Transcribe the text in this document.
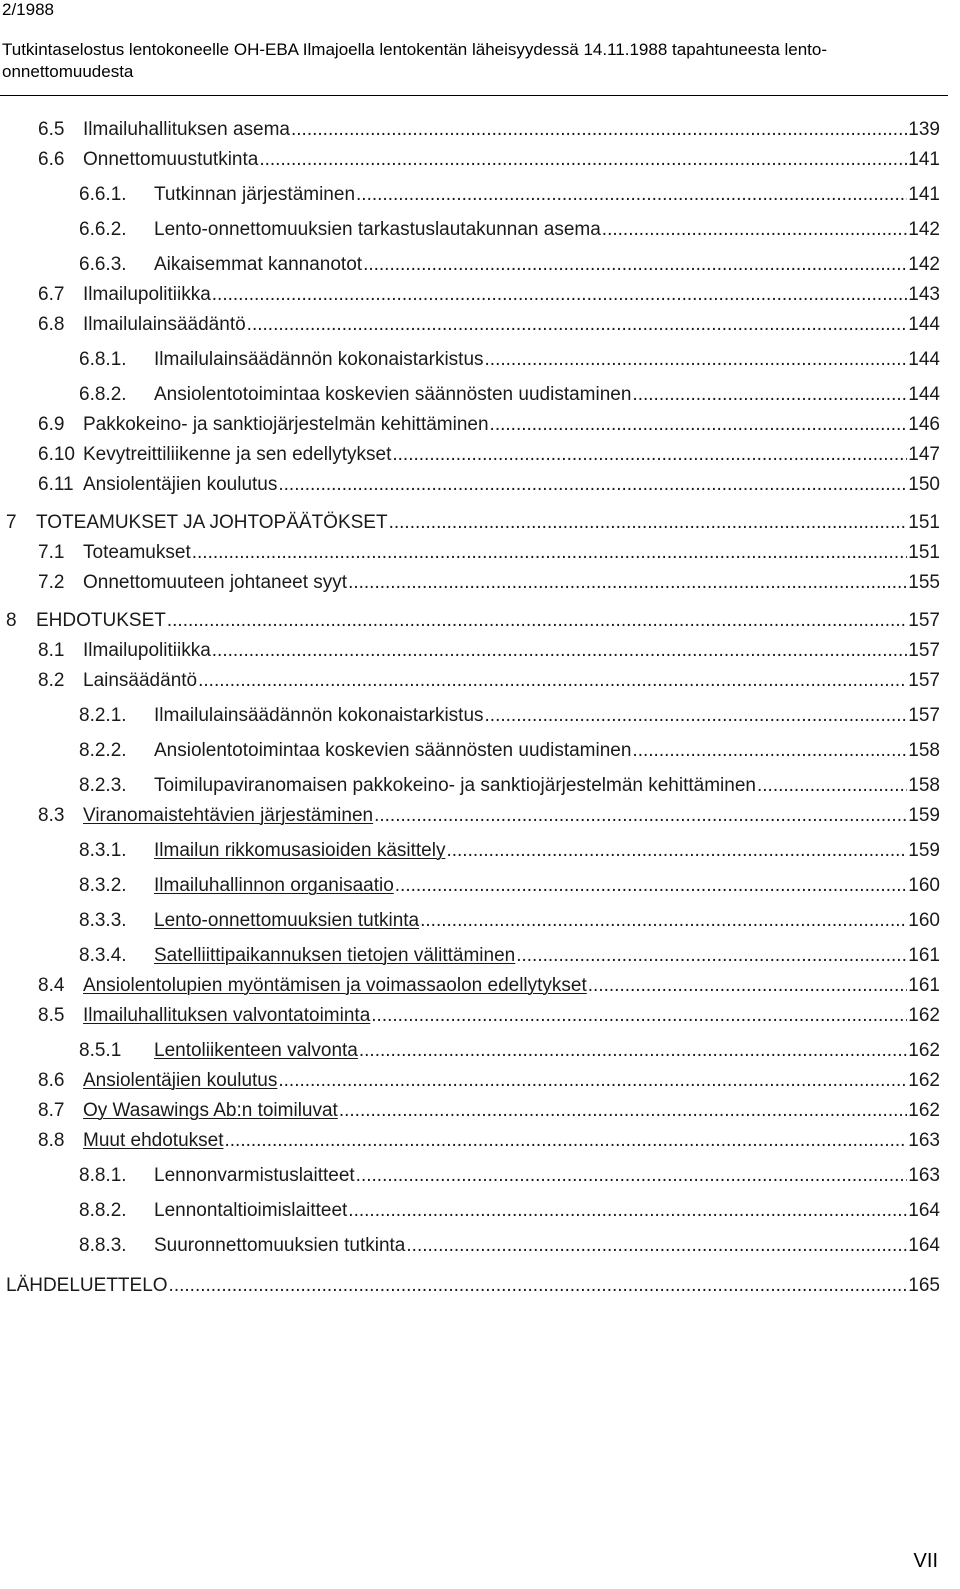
2/1988
Tutkintaselostus lentokoneelle OH-EBA Ilmajoella lentokentän läheisyydessä 14.11.1988 tapahtuneesta lento-
onnettomuudesta
6.5 Ilmailuhallituksen asema .....	139
6.6 Onnettomuustutkinta .....	141
6.6.1.	Tutkinnan järjestäminen .....	141
6.6.2.	Lento-onnettomuuksien tarkastuslautakunnan asema .....	142
6.6.3.	Aikaisemmat kannanotot .....	142
6.7 Ilmailupolitiikka .....	143
6.8 Ilmailulainsäädäntö .....	144
6.8.1.	Ilmailulainsäädännön kokonaistarkistus .....	144
6.8.2.	Ansiolentotoimintaa koskevien säännösten uudistaminen .....	144
6.9 Pakkokeino- ja sanktiojärjestelmän kehittäminen .....	146
6.10 Kevytreittiliikenne ja sen edellytykset .....	147
6.11 Ansiolentäjien koulutus .....	150
7	TOTEAMUKSET JA JOHTOPÄÄTÖKSET .....	151
7.1 Toteamukset .....	151
7.2 Onnettomuuteen johtaneet syyt .....	155
8	EHDOTUKSET .....	157
8.1 Ilmailupolitiikka .....	157
8.2 Lainsäädäntö .....	157
8.2.1.	Ilmailulainsäädännön kokonaistarkistus .....	157
8.2.2.	Ansiolentotoimintaa koskevien säännösten uudistaminen .....	158
8.2.3.	Toimilupaviranomaisen pakkokeino- ja sanktiojärjestelmän kehittäminen .....	158
8.3 Viranomaistehtävien järjestäminen .....	159
8.3.1.	Ilmailun rikkomusasioiden käsittely .....	159
8.3.2.	Ilmailuhallinnon organisaatio .....	160
8.3.3.	Lento-onnettomuuksien tutkinta .....	160
8.3.4.	Satelliittipaikannuksen tietojen välittäminen .....	161
8.4 Ansiolentolupien myöntämisen ja voimassaolon edellytykset .....	161
8.5 Ilmailuhallituksen valvontatoiminta .....	162
8.5.1	Lentoliikenteen valvonta .....	162
8.6 Ansiolentäjien koulutus .....	162
8.7 Oy Wasawings Ab:n toimiluvat .....	162
8.8 Muut ehdotukset .....	163
8.8.1.	Lennonvarmistuslaitteet .....	163
8.8.2.	Lennontaltioimislaitteet .....	164
8.8.3.	Suuronnettomuuksien tutkinta .....	164
LÄHDELUETTELO .....	165
VII
